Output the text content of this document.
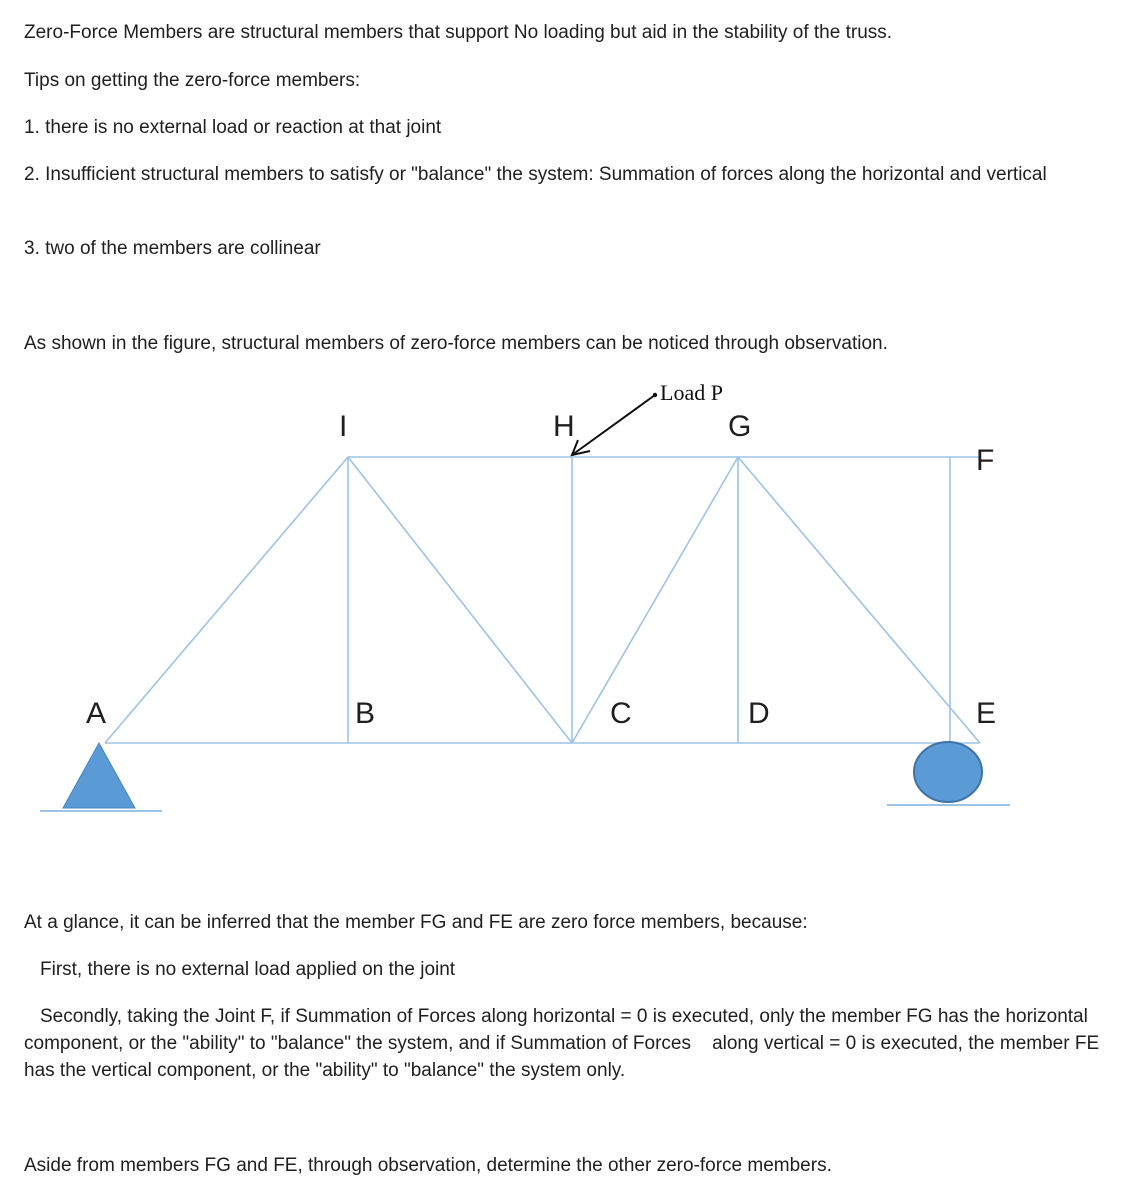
Zero-Force Members are structural members that support No loading but aid in the stability of the truss.

Tips on getting the zero-force members:

1. there is no external load or reaction at that joint

2. Insufficient structural members to satisfy or "balance" the system: Summation of forces along the horizontal and vertical

3. two of the members are collinear

As shown in the figure, structural members of zero-force members can be noticed through observation.

Load P
A	B	C	D	E
F
G
H
I

At a glance, it can be inferred that the member FG and FE are zero force members, because:

First, there is no external load applied on the joint

Secondly, taking the Joint F, if Summation of Forces along horizontal = 0 is executed, only the member FG has the horizontal component, or the "ability" to "balance" the system, and if Summation of Forces    along vertical = 0 is executed, the member FE has the vertical component, or the "ability" to "balance" the system only.

Aside from members FG and FE, through observation, determine the other zero-force members.
